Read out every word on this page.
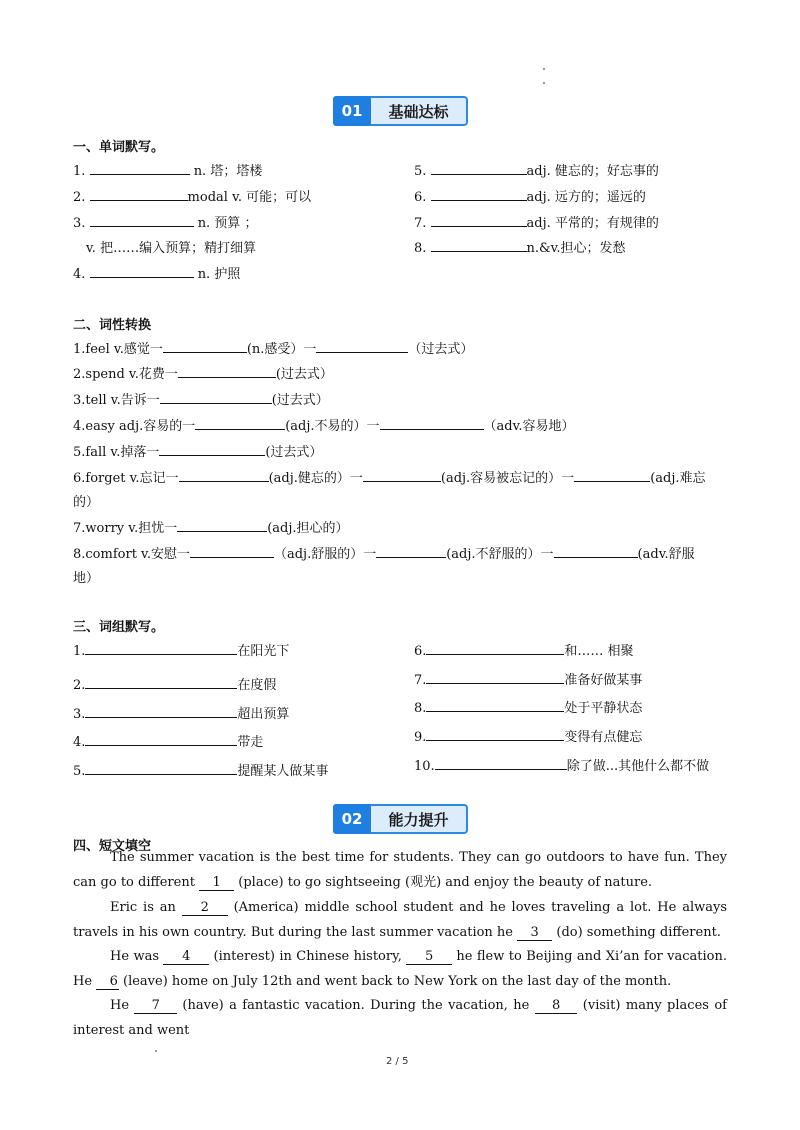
01	基础达标
一、单词默写。
1.	n. 塔；塔楼
2.	modal v. 可能；可以
3.	n. 预算 ；
v. 把……编入预算；精打细算
4.	n. 护照
5.	adj. 健忘的；好忘事的
6.	adj. 远方的；遥远的
7.	adj. 平常的；有规律的
8.	n.&v.担心；发愁
二、词性转换
1.feel v.感觉一	(n.感受）一	（过去式）
2.spend v.花费一	(过去式）
3.tell v.告诉一	(过去式）
4.easy adj.容易的一	(adj.不易的）一	（adv.容易地）
5.fall v.掉落一	(过去式）
6.forget v.忘记一	(adj.健忘的）一	(adj.容易被忘记的）一	(adj.难忘
的）
7.worry v.担忧一	(adj.担心的）
8.comfort v.安慰一	（adj.舒服的）一	(adj.不舒服的）一	(adv.舒服
地）
三、词组默写。
1.	在阳光下
2.	在度假
3.	超出预算
4.	带走
5.	提醒某人做某事
6.	和…… 相聚
7.	准备好做某事
8.	处于平静状态
9.	变得有点健忘
10.	除了做...其他什么都不做
02	能力提升
四、短文填空
The summer vacation is the best time for students. They can go outdoors to have fun. They can go to different    1    (place) to go sightseeing (观光) and enjoy the beauty of nature.
Eric is an    2    (America) middle school student and he loves traveling a lot. He always travels in his own country. But during the last summer vacation he    3    (do) something different.
He was     4     (interest) in Chinese history,     5     he flew to Beijing and Xi’an for vacation. He    6 (leave) home on July 12th and went back to New York on the last day of the month.
He    7    (have) a fantastic vacation. During the vacation, he    8    (visit) many places of interest and went
2 / 5
